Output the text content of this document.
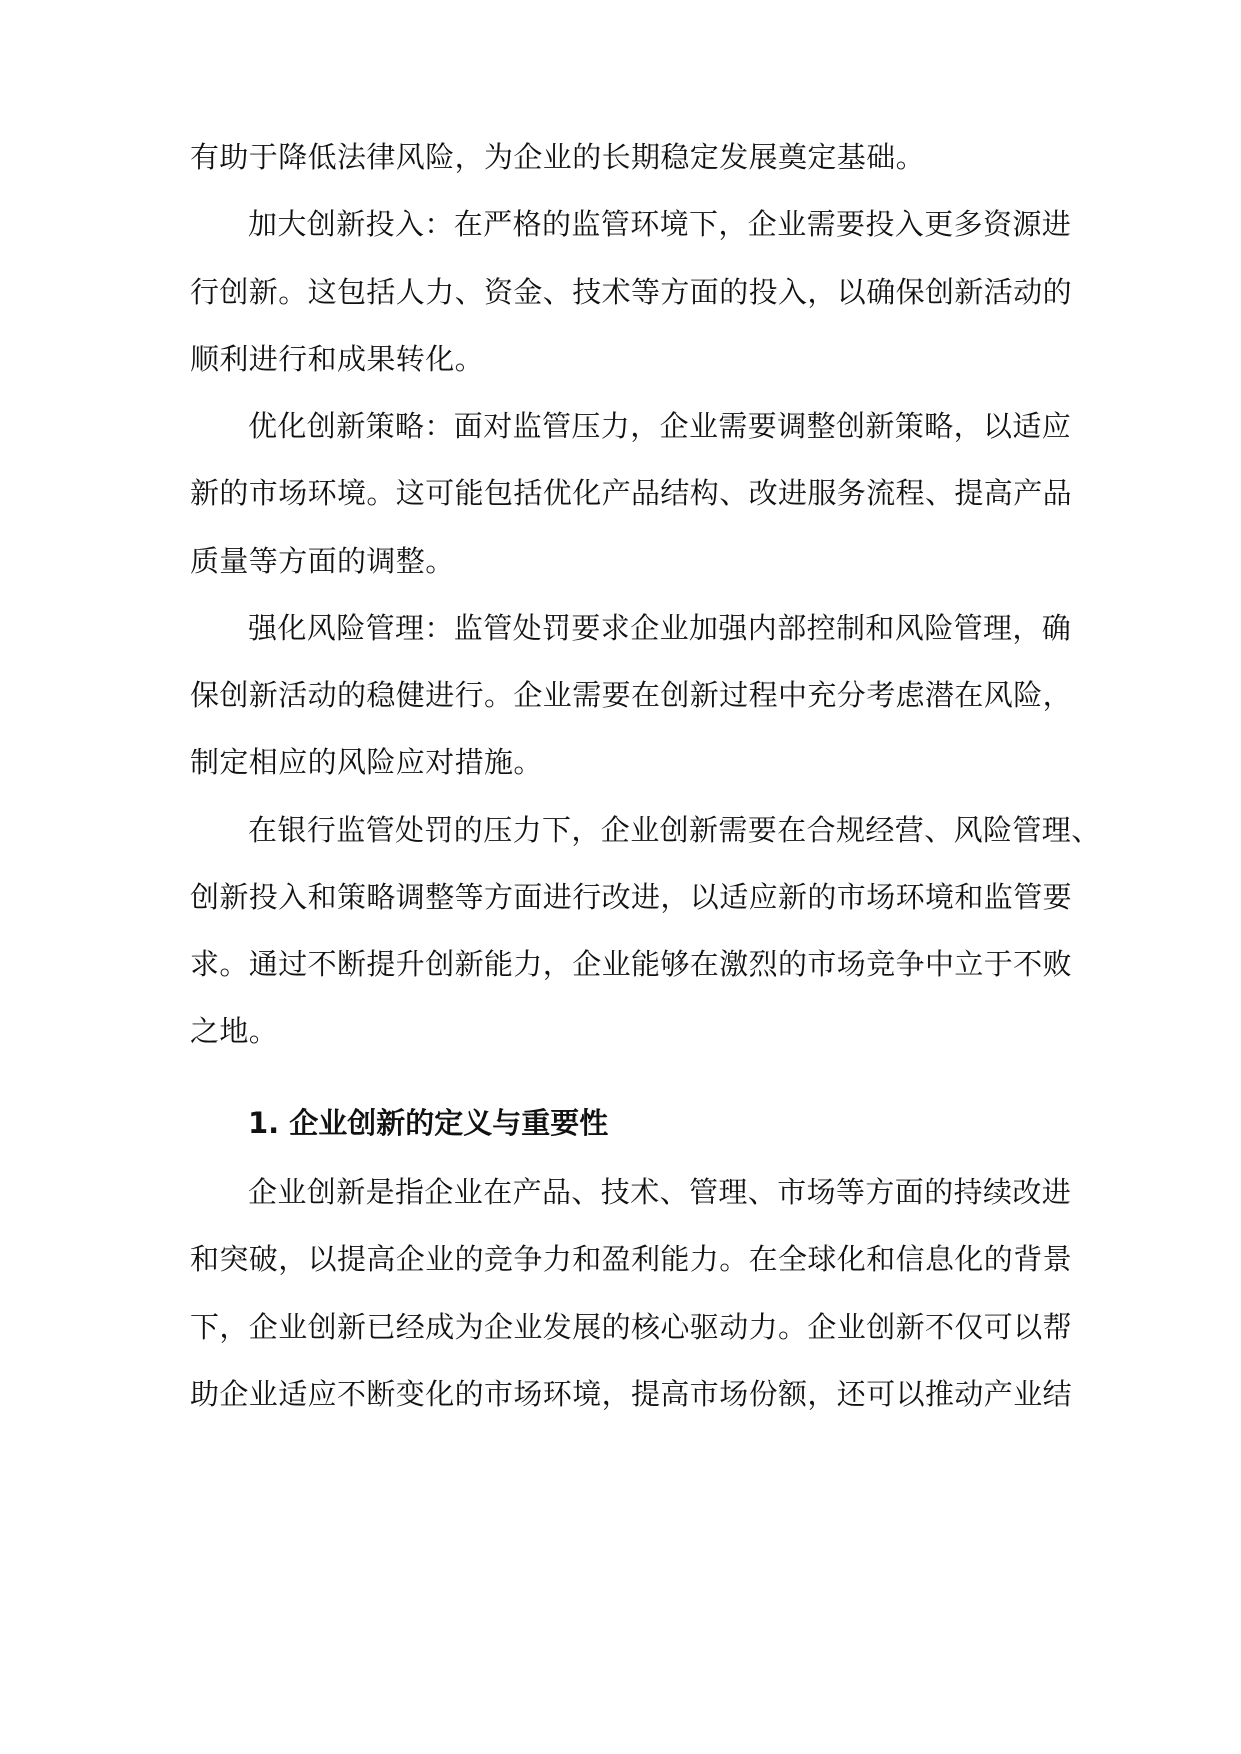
有助于降低法律风险，为企业的长期稳定发展奠定基础。
加大创新投入：在严格的监管环境下，企业需要投入更多资源进
行创新。这包括人力、资金、技术等方面的投入，以确保创新活动的
顺利进行和成果转化。
优化创新策略：面对监管压力，企业需要调整创新策略，以适应
新的市场环境。这可能包括优化产品结构、改进服务流程、提高产品
质量等方面的调整。
强化风险管理：监管处罚要求企业加强内部控制和风险管理，确
保创新活动的稳健进行。企业需要在创新过程中充分考虑潜在风险，
制定相应的风险应对措施。
在银行监管处罚的压力下，企业创新需要在合规经营、风险管理、
创新投入和策略调整等方面进行改进，以适应新的市场环境和监管要
求。通过不断提升创新能力，企业能够在激烈的市场竞争中立于不败
之地。
1. 企业创新的定义与重要性
企业创新是指企业在产品、技术、管理、市场等方面的持续改进
和突破，以提高企业的竞争力和盈利能力。在全球化和信息化的背景
下，企业创新已经成为企业发展的核心驱动力。企业创新不仅可以帮
助企业适应不断变化的市场环境，提高市场份额，还可以推动产业结
